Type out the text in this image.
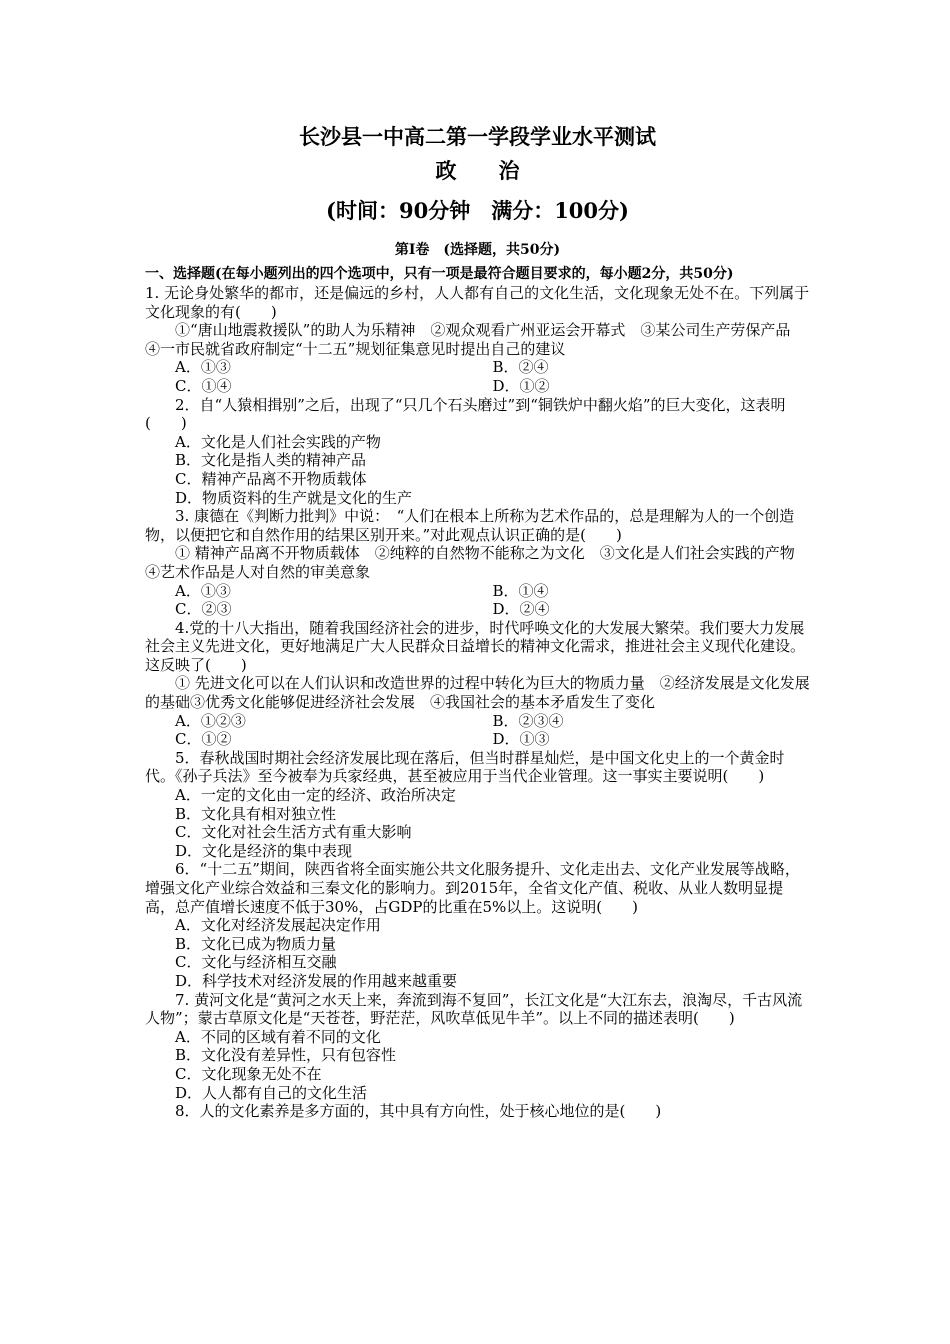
长沙县一中高二第一学段学业水平测试

政 治

(时间：90分钟　满分：100分)

第Ⅰ卷　(选择题，共50分)

一、选择题(在每小题列出的四个选项中，只有一项是最符合题目要求的，每小题2分，共50分)

1. 无论身处繁华的都市，还是偏远的乡村，人人都有自己的文化生活，文化现象无处不在。下列属于文化现象的有(　　)

①“唐山地震救援队”的助人为乐精神　②观众观看广州亚运会开幕式　③某公司生产劳保产品　④一市民就省政府制定“十二五”规划征集意见时提出自己的建议

A．①③	B．②④
C．①④	D．①②

2．自“人猿相揖别”之后，出现了“只几个石头磨过”到“铜铁炉中翻火焰”的巨大变化，这表明(　　)

A．文化是人们社会实践的产物

B．文化是指人类的精神产品

C．精神产品离不开物质载体

D．物质资料的生产就是文化的生产

3. 康德在《判断力批判》中说：　“人们在根本上所称为艺术作品的，总是理解为人的一个创造物，以便把它和自然作用的结果区别开来。”对此观点认识正确的是(　　)

① 精神产品离不开物质载体　②纯粹的自然物不能称之为文化　③文化是人们社会实践的产物　④艺术作品是人对自然的审美意象

A．①③	B．①④
C．②③	D．②④

4.党的十八大指出，随着我国经济社会的进步，时代呼唤文化的大发展大繁荣。我们要大力发展社会主义先进文化，更好地满足广大人民群众日益增长的精神文化需求，推进社会主义现代化建设。这反映了(　　)

① 先进文化可以在人们认识和改造世界的过程中转化为巨大的物质力量　②经济发展是文化发展的基础③优秀文化能够促进经济社会发展　④我国社会的基本矛盾发生了变化

A．①②③	B．②③④
C．①②	D．①③

5．春秋战国时期社会经济发展比现在落后，但当时群星灿烂，是中国文化史上的一个黄金时代。《孙子兵法》至今被奉为兵家经典，甚至被应用于当代企业管理。这一事实主要说明(　　)

A．一定的文化由一定的经济、政治所决定

B．文化具有相对独立性

C．文化对社会生活方式有重大影响

D．文化是经济的集中表现

6．“十二五”期间，陕西省将全面实施公共文化服务提升、文化走出去、文化产业发展等战略，增强文化产业综合效益和三秦文化的影响力。到2015年，全省文化产值、税收、从业人数明显提高，总产值增长速度不低于30%，占GDP的比重在5%以上。这说明(　　)

A．文化对经济发展起决定作用

B．文化已成为物质力量

C．文化与经济相互交融

D．科学技术对经济发展的作用越来越重要

7. 黄河文化是“黄河之水天上来，奔流到海不复回”，长江文化是“大江东去，浪淘尽，千古风流人物”；蒙古草原文化是“天苍苍，野茫茫，风吹草低见牛羊”。以上不同的描述表明(　　)

A．不同的区域有着不同的文化

B．文化没有差异性，只有包容性

C．文化现象无处不在

D．人人都有自己的文化生活

8．人的文化素养是多方面的，其中具有方向性，处于核心地位的是(　　)
